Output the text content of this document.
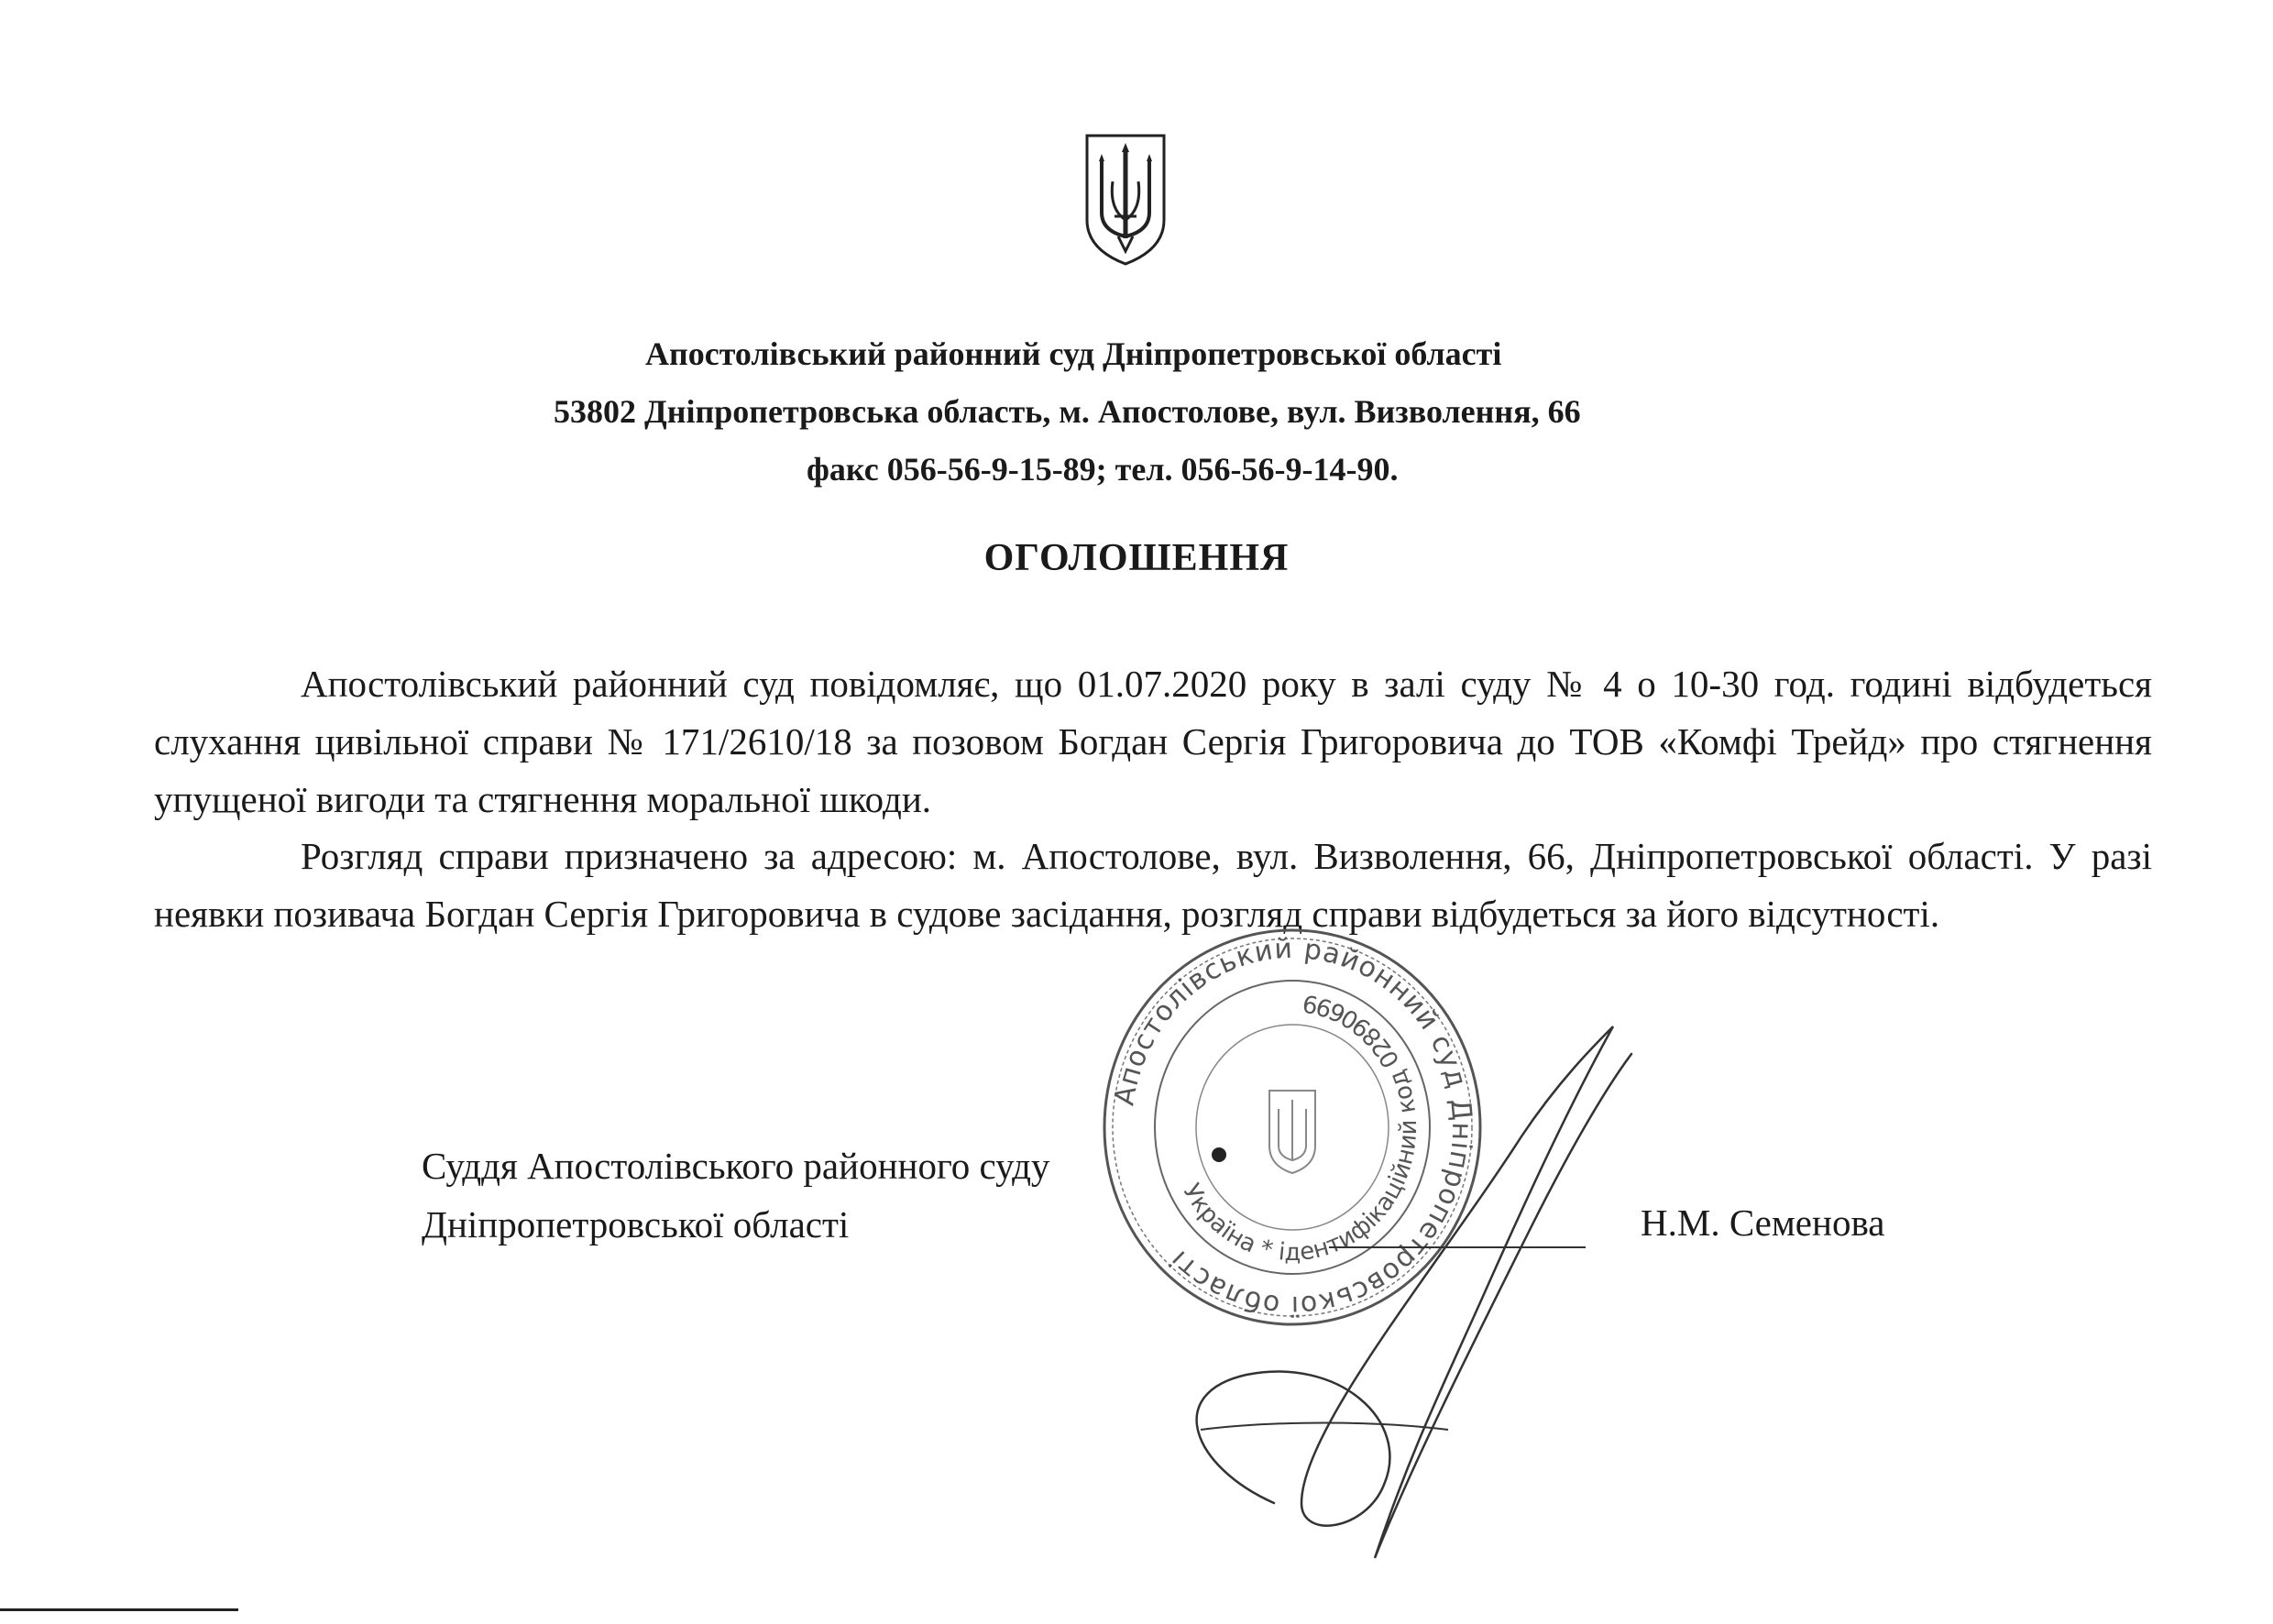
Апостолівський районний суд Дніпропетровської області
53802 Дніпропетровська область, м. Апостолове, вул. Визволення, 66
факс 056-56-9-15-89; тел. 056-56-9-14-90.
ОГОЛОШЕННЯ

Апостолівський районний суд повідомляє, що 01.07.2020 року в залі суду № 4 о 10-30 год. годині відбудеться слухання цивільної справи № 171/2610/18 за позовом Богдан Сергія Григоровича до ТОВ «Комфі Трейд» про стягнення упущеної вигоди та стягнення моральної шкоди.

Розгляд справи призначено за адресою: м. Апостолове, вул. Визволення, 66, Дніпропетровської області. У разі неявки позивача Богдан Сергія Григоровича в судове засідання, розгляд справи відбудеться за його відсутності.

Апостолівський районний суд Дніпропетровської області
Україна * ідентифікаційний код 02890699
Суддя Апостолівського районного суду
Дніпропетровської області	Н.М. Семенова
